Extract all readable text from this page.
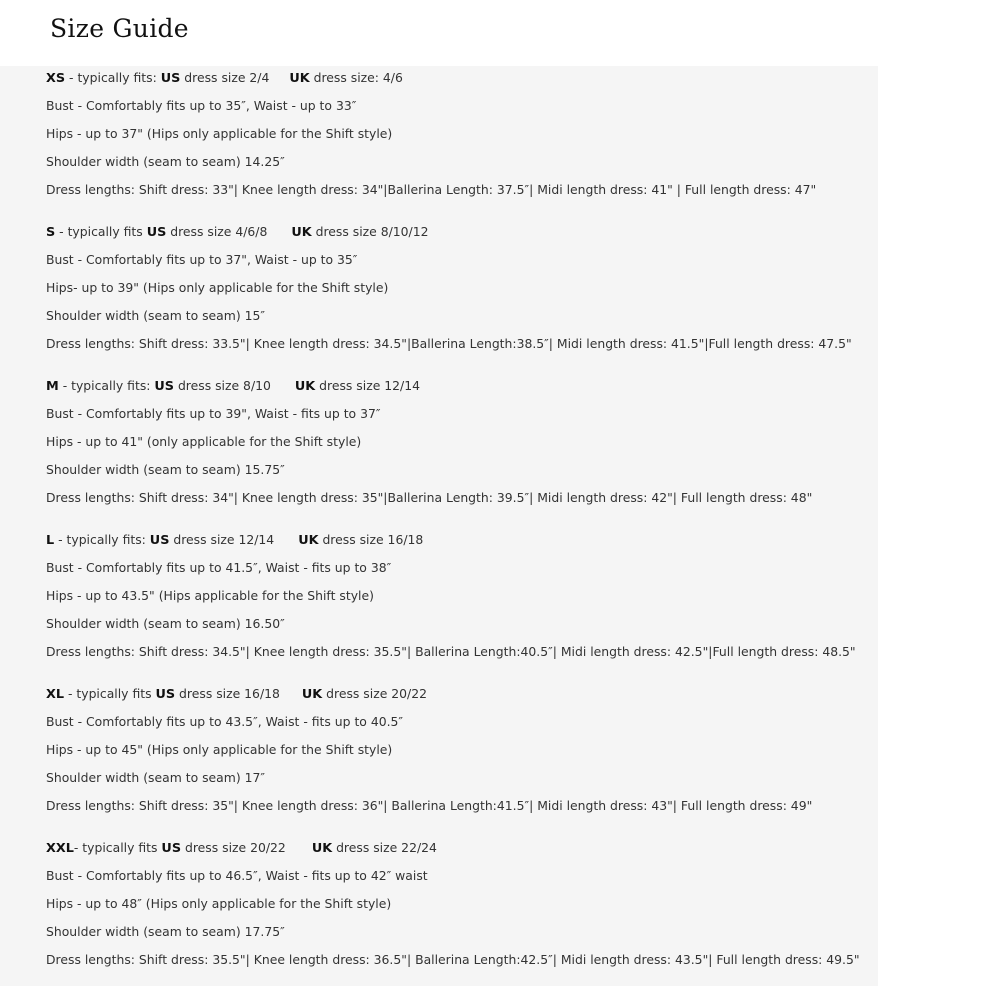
Size Guide
XS - typically fits: US dress size 2/4 UK dress size: 4/6
Bust - Comfortably fits up to 35″, Waist - up to 33″
Hips - up to 37" (Hips only applicable for the Shift style)
Shoulder width (seam to seam) 14.25″
Dress lengths: Shift dress: 33"| Knee length dress: 34"|Ballerina Length: 37.5″| Midi length dress: 41" | Full length dress: 47"
S - typically fits US dress size 4/6/8 UK dress size 8/10/12
Bust - Comfortably fits up to 37", Waist - up to 35″
Hips- up to 39" (Hips only applicable for the Shift style)
Shoulder width (seam to seam) 15″
Dress lengths: Shift dress: 33.5"| Knee length dress: 34.5"|Ballerina Length:38.5″| Midi length dress: 41.5"|Full length dress: 47.5"
M - typically fits: US dress size 8/10 UK dress size 12/14
Bust - Comfortably fits up to 39", Waist - fits up to 37″
Hips - up to 41" (only applicable for the Shift style)
Shoulder width (seam to seam) 15.75″
Dress lengths: Shift dress: 34"| Knee length dress: 35"|Ballerina Length: 39.5″| Midi length dress: 42"| Full length dress: 48"
L - typically fits: US dress size 12/14 UK dress size 16/18
Bust - Comfortably fits up to 41.5″, Waist - fits up to 38″
Hips - up to 43.5" (Hips applicable for the Shift style)
Shoulder width (seam to seam) 16.50″
Dress lengths: Shift dress: 34.5"| Knee length dress: 35.5"| Ballerina Length:40.5″| Midi length dress: 42.5"|Full length dress: 48.5"
XL - typically fits US dress size 16/18 UK dress size 20/22
Bust - Comfortably fits up to 43.5″, Waist - fits up to 40.5″
Hips - up to 45" (Hips only applicable for the Shift style)
Shoulder width (seam to seam) 17″
Dress lengths: Shift dress: 35"| Knee length dress: 36"| Ballerina Length:41.5″| Midi length dress: 43"| Full length dress: 49"
XXL- typically fits US dress size 20/22 UK dress size 22/24
Bust - Comfortably fits up to 46.5″, Waist - fits up to 42″ waist
Hips - up to 48″ (Hips only applicable for the Shift style)
Shoulder width (seam to seam) 17.75″
Dress lengths: Shift dress: 35.5"| Knee length dress: 36.5"| Ballerina Length:42.5″| Midi length dress: 43.5"| Full length dress: 49.5"
